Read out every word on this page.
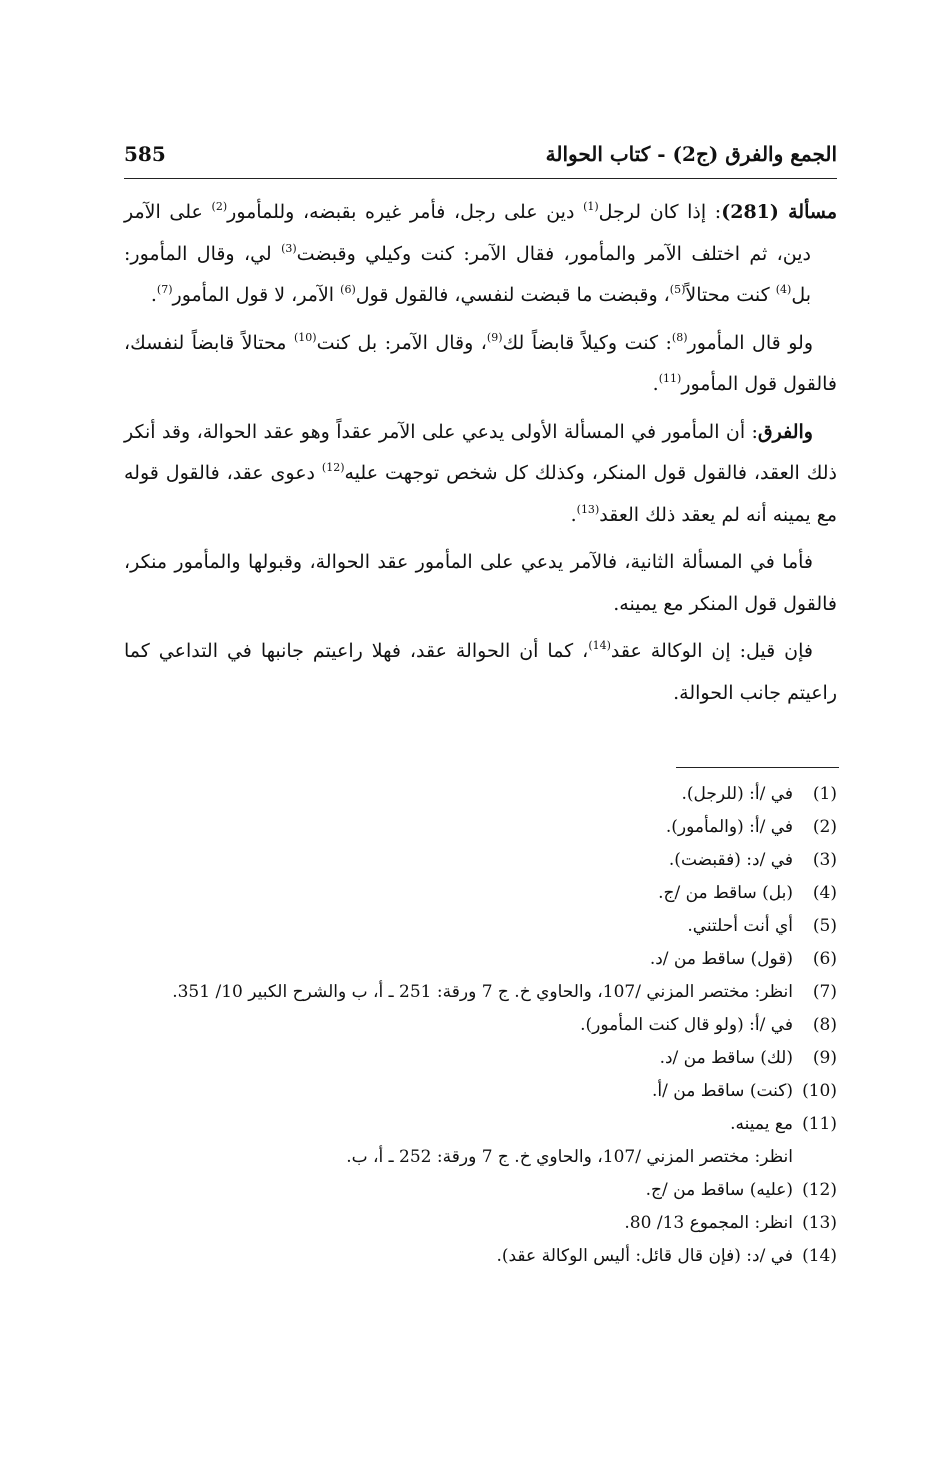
585	الجمع والفرق (ج2) - كتاب الحوالة

مسألة (281): إذا كان لرجل$^{(1)}$ دين على رجل، فأمر غيره بقبضه، وللمأمور$^{(2)}$ على الآمر دين، ثم اختلف الآمر والمأمور، فقال الآمر: كنت وكيلي وقبضت$^{(3)}$ لي، وقال المأمور: بل$^{(4)}$ كنت محتالاً$^{(5)}$، وقبضت ما قبضت لنفسي، فالقول قول$^{(6)}$ الآمر، لا قول المأمور$^{(7)}$.

ولو قال المأمور$^{(8)}$: كنت وكيلاً قابضاً لك$^{(9)}$، وقال الآمر: بل كنت$^{(10)}$ محتالاً قابضاً لنفسك، فالقول قول المأمور$^{(11)}$.

والفرق: أن المأمور في المسألة الأولى يدعي على الآمر عقداً وهو عقد الحوالة، وقد أنكر ذلك العقد، فالقول قول المنكر، وكذلك كل شخص توجهت عليه$^{(12)}$ دعوى عقد، فالقول قوله مع يمينه أنه لم يعقد ذلك العقد$^{(13)}$.

فأما في المسألة الثانية، فالآمر يدعي على المأمور عقد الحوالة، وقبولها والمأمور منكر، فالقول قول المنكر مع يمينه.

فإن قيل: إن الوكالة عقد$^{(14)}$، كما أن الحوالة عقد، فهلا راعيتم جانبها في التداعي كما راعيتم جانب الحوالة.

(1)
في /أ: (للرجل).
(2)
في /أ: (والمأمور).
(3)
في /د: (فقبضت).
(4)
(بل) ساقط من /ج.
(5)
أي أنت أحلتني.
(6)
(قول) ساقط من /د.
(7)
انظر: مختصر المزني /107، والحاوي خ. ج 7 ورقة: 251 ـ أ، ب والشرح الكبير 10/ 351.
(8)
في /أ: (ولو قال كنت المأمور).
(9)
(لك) ساقط من /د.
(10)
(كنت) ساقط من /أ.
(11)
مع يمينه.
انظر: مختصر المزني /107، والحاوي خ. ج 7 ورقة: 252 ـ أ، ب.
(12)
(عليه) ساقط من /ج.
(13)
انظر: المجموع 13/ 80.
(14)
في /د: (فإن قال قائل: أليس الوكالة عقد).
